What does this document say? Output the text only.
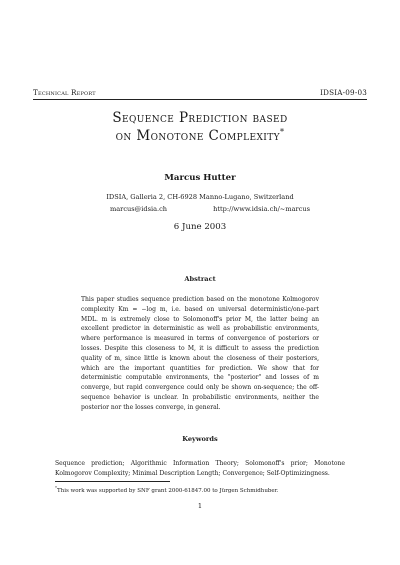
Technical Report	IDSIA-09-03
Sequence Prediction based
on Monotone Complexity*
Marcus Hutter
IDSIA, Galleria 2, CH-6928 Manno-Lugano, Switzerland
marcus@idsia.ch	http://www.idsia.ch/~marcus
6 June 2003
Abstract
This paper studies sequence prediction based on the monotone Kolmogorov complexity Km = −log m, i.e. based on universal deterministic/one-part MDL. m is extremely close to Solomonoff's prior M, the latter being an excellent predictor in deterministic as well as probabilistic environments, where performance is measured in terms of convergence of posteriors or losses. Despite this closeness to M, it is difficult to assess the prediction quality of m, since little is known about the closeness of their posteriors, which are the important quantities for prediction. We show that for deterministic computable environments, the "posterior" and losses of m converge, but rapid convergence could only be shown on-sequence; the off-sequence behavior is unclear. In probabilistic environments, neither the posterior nor the losses converge, in general.
Keywords
Sequence prediction; Algorithmic Information Theory; Solomonoff's prior; Monotone Kolmogorov Complexity; Minimal Description Length; Convergence; Self-Optimizingness.
*This work was supported by SNF grant 2000-61847.00 to Jürgen Schmidhuber.
1
